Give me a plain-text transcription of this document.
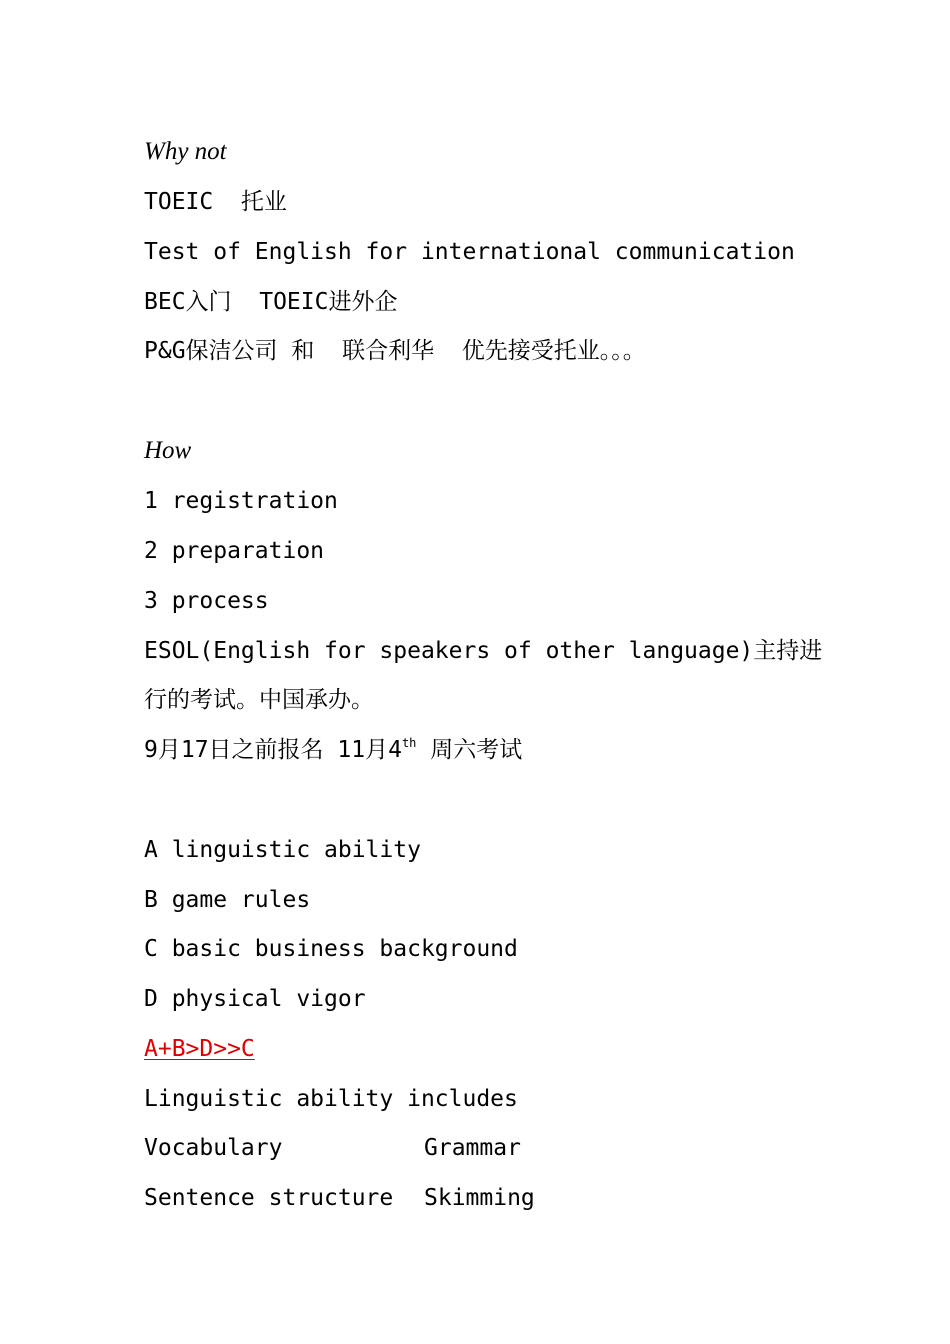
Why not
TOEIC  托业
Test of English for international communication
BEC入门  TOEIC进外企
P&G保洁公司 和  联合利华  优先接受托业。。。
How
1 registration
2 preparation
3 process
ESOL(English for speakers of other language)主持进
行的考试。中国承办。
9月17日之前报名 11月4th 周六考试
A linguistic ability
B game rules
C basic business background
D physical vigor
A+B>D>>C
Linguistic ability includes
Vocabulary	Grammar
Sentence structure Skimming
